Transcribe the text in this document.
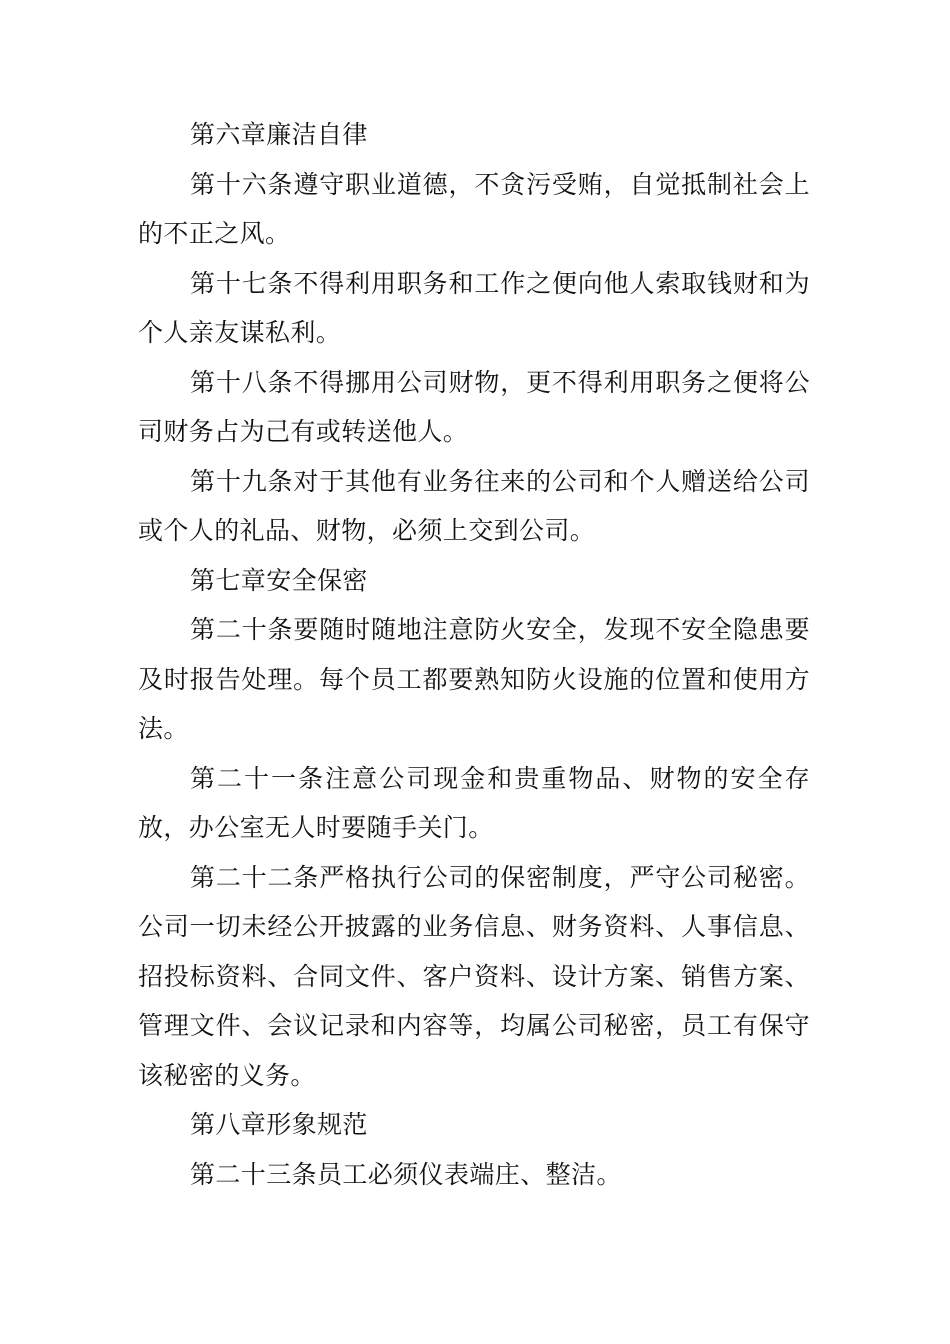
第六章廉洁自律

第十六条遵守职业道德，不贪污受贿，自觉抵制社会上的不正之风。

第十七条不得利用职务和工作之便向他人索取钱财和为个人亲友谋私利。

第十八条不得挪用公司财物，更不得利用职务之便将公司财务占为己有或转送他人。

第十九条对于其他有业务往来的公司和个人赠送给公司或个人的礼品、财物，必须上交到公司。

第七章安全保密

第二十条要随时随地注意防火安全，发现不安全隐患要及时报告处理。每个员工都要熟知防火设施的位置和使用方法。

第二十一条注意公司现金和贵重物品、财物的安全存放，办公室无人时要随手关门。

第二十二条严格执行公司的保密制度，严守公司秘密。公司一切未经公开披露的业务信息、财务资料、人事信息、招投标资料、合同文件、客户资料、设计方案、销售方案、管理文件、会议记录和内容等，均属公司秘密，员工有保守该秘密的义务。

第八章形象规范

第二十三条员工必须仪表端庄、整洁。
